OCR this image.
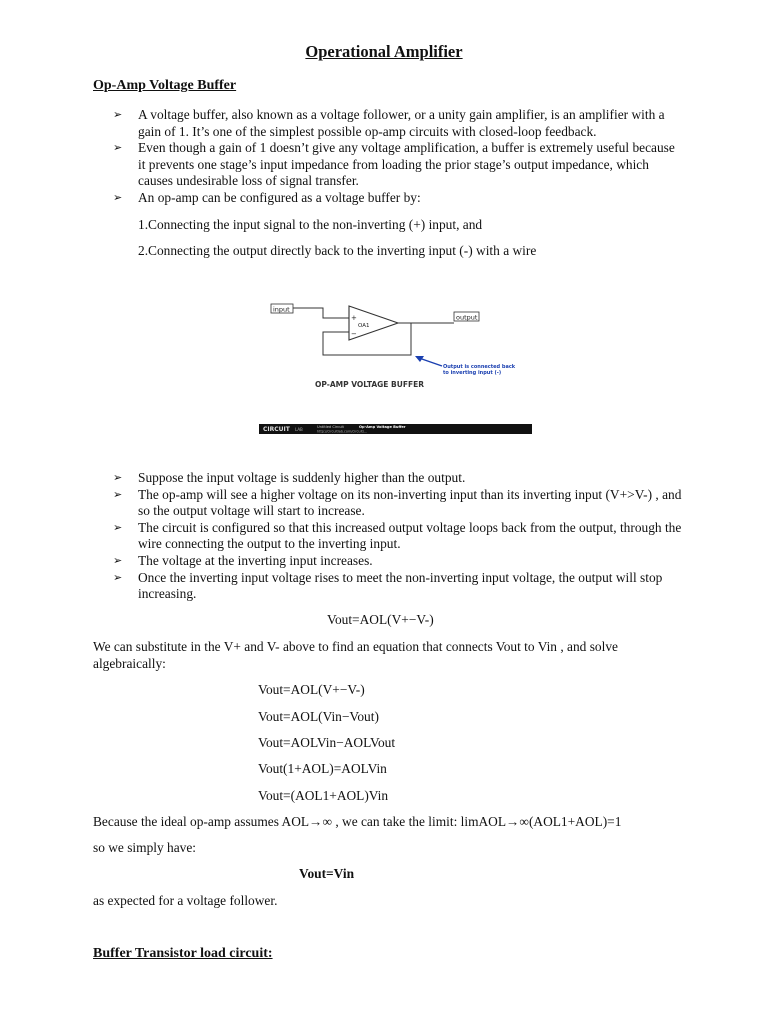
Operational Amplifier
Op-Amp Voltage Buffer
➢ A voltage buffer, also known as a voltage follower, or a unity gain amplifier, is an amplifier with a gain of 1. It’s one of the simplest possible op-amp circuits with closed-loop feedback.
➢ Even though a gain of 1 doesn’t give any voltage amplification, a buffer is extremely useful because it prevents one stage’s input impedance from loading the prior stage’s output impedance, which causes undesirable loss of signal transfer.
➢ An op-amp can be configured as a voltage buffer by:
1.Connecting the input signal to the non-inverting (+) input, and
2.Connecting the output directly back to the inverting input (-) with a wire
input
+
−
OA1
output
Output is connected back
to inverting input (-)
OP-AMP VOLTAGE BUFFER
CIRCUIT LAB	Untitled Circuit	Op-Amp Voltage Buffer
http://circuitlab.com/circuit/...
➢ Suppose the input voltage is suddenly higher than the output.
➢ The op-amp will see a higher voltage on its non-inverting input than its inverting input (V+>V-) , and so the output voltage will start to increase.
➢ The circuit is configured so that this increased output voltage loops back from the output, through the wire connecting the output to the inverting input.
➢ The voltage at the inverting input increases.
➢ Once the inverting input voltage rises to meet the non-inverting input voltage, the output will stop increasing.
Vout=AOL(V+−V-)
We can substitute in the V+ and V- above to find an equation that connects Vout to Vin , and solve algebraically:
Vout=AOL(V+−V-)
Vout=AOL(Vin−Vout)
Vout=AOLVin−AOLVout
Vout(1+AOL)=AOLVin
Vout=(AOL1+AOL)Vin
Because the ideal op-amp assumes AOL→∞ , we can take the limit: limAOL→∞(AOL1+AOL)=1
so we simply have:
Vout=Vin
as expected for a voltage follower.
Buffer Transistor load circuit:
